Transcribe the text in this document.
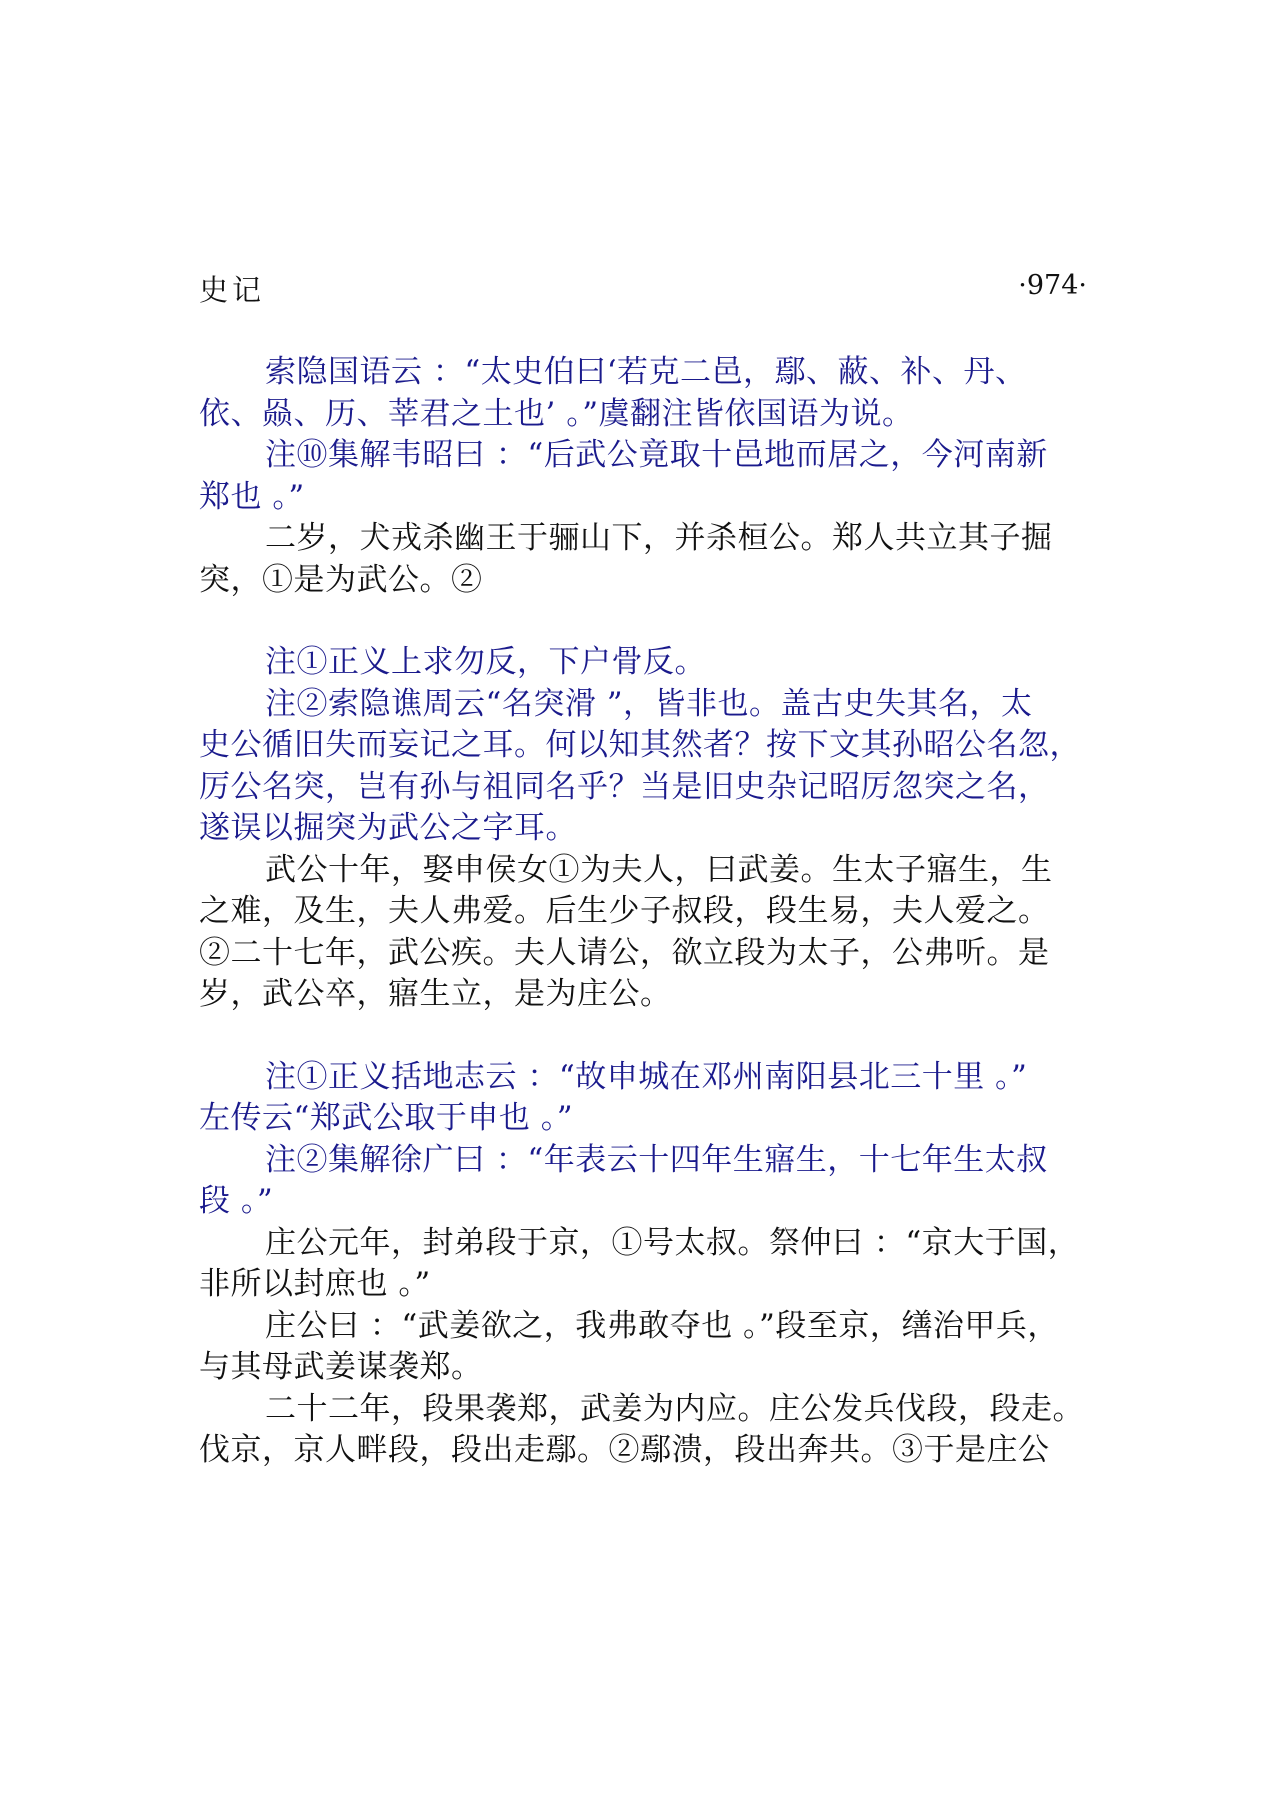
史记	·974·

索隐国语云 ：“太史伯曰‘若克二邑，鄢、蔽、补、丹、
依、赑、历、莘君之土也’ 。”虞翻注皆依国语为说。

注⑩集解韦昭曰 ：“后武公竟取十邑地而居之，今河南新
郑也 。”

二岁，犬戎杀幽王于骊山下，并杀桓公。郑人共立其子掘
突，①是为武公。②

注①正义上求勿反，下户骨反。

注②索隐谯周云“名突滑 ”，皆非也。盖古史失其名，太
史公循旧失而妄记之耳。何以知其然者？按下文其孙昭公名忽，
厉公名突，岂有孙与祖同名乎？当是旧史杂记昭厉忽突之名，
遂误以掘突为武公之字耳。

武公十年，娶申侯女①为夫人，曰武姜。生太子寤生，生
之难，及生，夫人弗爱。后生少子叔段，段生易，夫人爱之。
②二十七年，武公疾。夫人请公，欲立段为太子，公弗听。是
岁，武公卒，寤生立，是为庄公。

注①正义括地志云 ：“故申城在邓州南阳县北三十里 。”
左传云“郑武公取于申也 。”

注②集解徐广曰 ：“年表云十四年生寤生，十七年生太叔
段 。”

庄公元年，封弟段于京，①号太叔。祭仲曰 ：“京大于国，
非所以封庶也 。”

庄公曰 ：“武姜欲之，我弗敢夺也 。”段至京，缮治甲兵，
与其母武姜谋袭郑。

二十二年，段果袭郑，武姜为内应。庄公发兵伐段，段走。
伐京，京人畔段，段出走鄢。②鄢溃，段出奔共。③于是庄公
